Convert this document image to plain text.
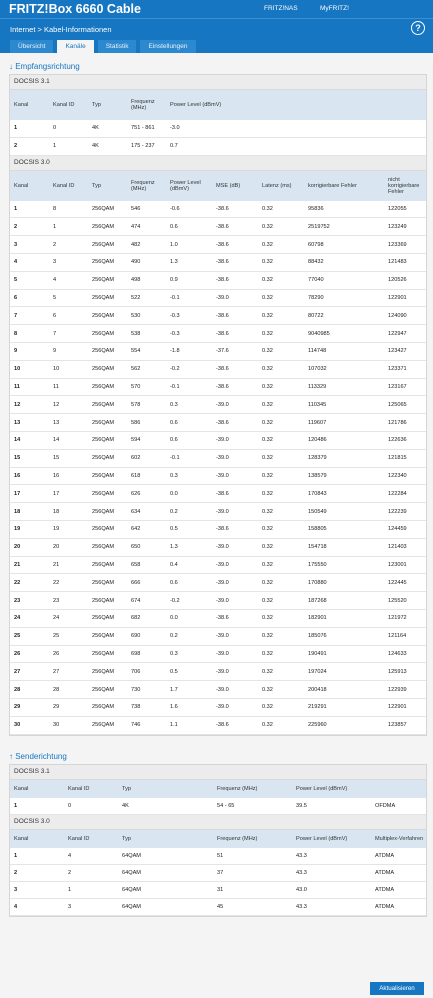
FRITZ!Box 6660 Cable	FRITZ!NAS	MyFRITZ!
Internet > Kabel-Informationen	?
Übersicht	Kanäle	Statistik	Einstellungen
↓ Empfangsrichtung
DOCSIS 3.1
Kanal	Kanal ID	Typ	Frequenz (MHz)	Power Level (dBmV)
1	0	4K	751 - 861	-3.0
2	1	4K	175 - 237	0.7
DOCSIS 3.0
Kanal	Kanal ID	Typ	Frequenz (MHz)	Power Level (dBmV)	MSE (dB)	Latenz (ms)	korrigierbare Fehler	nicht korrigierbare Fehler
1	8	256QAM	546	-0.6	-38.6	0.32	95836	122055
2	1	256QAM	474	0.6	-38.6	0.32	2519752	123249
3	2	256QAM	482	1.0	-38.6	0.32	60798	123369
4	3	256QAM	490	1.3	-38.6	0.32	88432	121483
5	4	256QAM	498	0.9	-38.6	0.32	77040	120526
6	5	256QAM	522	-0.1	-39.0	0.32	78290	122901
7	6	256QAM	530	-0.3	-38.6	0.32	80722	124090
8	7	256QAM	538	-0.3	-38.6	0.32	9040985	122947
9	9	256QAM	554	-1.8	-37.6	0.32	114748	123427
10	10	256QAM	562	-0.2	-38.6	0.32	107032	123371
11	11	256QAM	570	-0.1	-38.6	0.32	113329	123167
12	12	256QAM	578	0.3	-39.0	0.32	110345	125065
13	13	256QAM	586	0.6	-38.6	0.32	119607	121786
14	14	256QAM	594	0.6	-39.0	0.32	120486	122636
15	15	256QAM	602	-0.1	-39.0	0.32	128379	121815
16	16	256QAM	618	0.3	-39.0	0.32	138579	122340
17	17	256QAM	626	0.0	-38.6	0.32	170843	122284
18	18	256QAM	634	0.2	-39.0	0.32	150549	122239
19	19	256QAM	642	0.5	-38.6	0.32	158805	124459
20	20	256QAM	650	1.3	-39.0	0.32	154718	121403
21	21	256QAM	658	0.4	-39.0	0.32	175550	123001
22	22	256QAM	666	0.6	-39.0	0.32	170880	122445
23	23	256QAM	674	-0.2	-39.0	0.32	187268	125520
24	24	256QAM	682	0.0	-38.6	0.32	182901	121972
25	25	256QAM	690	0.2	-39.0	0.32	185076	121164
26	26	256QAM	698	0.3	-39.0	0.32	190491	124633
27	27	256QAM	706	0.5	-39.0	0.32	197024	125913
28	28	256QAM	730	1.7	-39.0	0.32	200418	122939
29	29	256QAM	738	1.6	-39.0	0.32	219291	122901
30	30	256QAM	746	1.1	-38.6	0.32	225960	123857
↑ Senderichtung
DOCSIS 3.1
Kanal	Kanal ID	Typ	Frequenz (MHz)	Power Level (dBmV)	
1	0	4K	54 - 65	39.5	OFDMA
DOCSIS 3.0
Kanal	Kanal ID	Typ	Frequenz (MHz)	Power Level (dBmV)	Multiplex-Verfahren
1	4	64QAM	51	43.3	ATDMA
2	2	64QAM	37	43.3	ATDMA
3	1	64QAM	31	43.0	ATDMA
4	3	64QAM	45	43.3	ATDMA
Aktualisieren
